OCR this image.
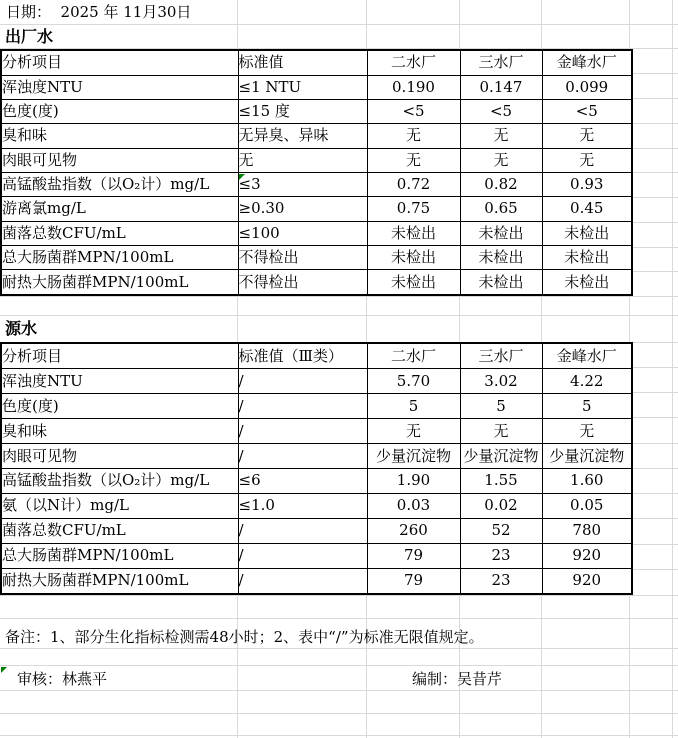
日期：  2025 年 11月30日
出厂水
分析项目	标准值	二水厂	三水厂	金峰水厂
浑浊度NTU	≤1 NTU	0.190	0.147	0.099
色度(度)	≤15 度	<5	<5	<5
臭和味	无异臭、异味	无	无	无
肉眼可见物	无	无	无	无
高锰酸盐指数（以O₂计）mg/L	≤3	0.72	0.82	0.93
游离氯mg/L	≥0.30	0.75	0.65	0.45
菌落总数CFU/mL	≤100	未检出	未检出	未检出
总大肠菌群MPN/100mL	不得检出	未检出	未检出	未检出
耐热大肠菌群MPN/100mL	不得检出	未检出	未检出	未检出
源水
分析项目	标准值（Ⅲ类）	二水厂	三水厂	金峰水厂
浑浊度NTU	/	5.70	3.02	4.22
色度(度)	/	5	5	5
臭和味	/	无	无	无
肉眼可见物	/	少量沉淀物	少量沉淀物	少量沉淀物
高锰酸盐指数（以O₂计）mg/L	≤6	1.90	1.55	1.60
氨（以N计）mg/L	≤1.0	0.03	0.02	0.05
菌落总数CFU/mL	/	260	52	780
总大肠菌群MPN/100mL	/	79	23	920
耐热大肠菌群MPN/100mL	/	79	23	920
备注：1、部分生化指标检测需48小时；2、表中“/”为标准无限值规定。
审核：林燕平	编制：吴昔芹
